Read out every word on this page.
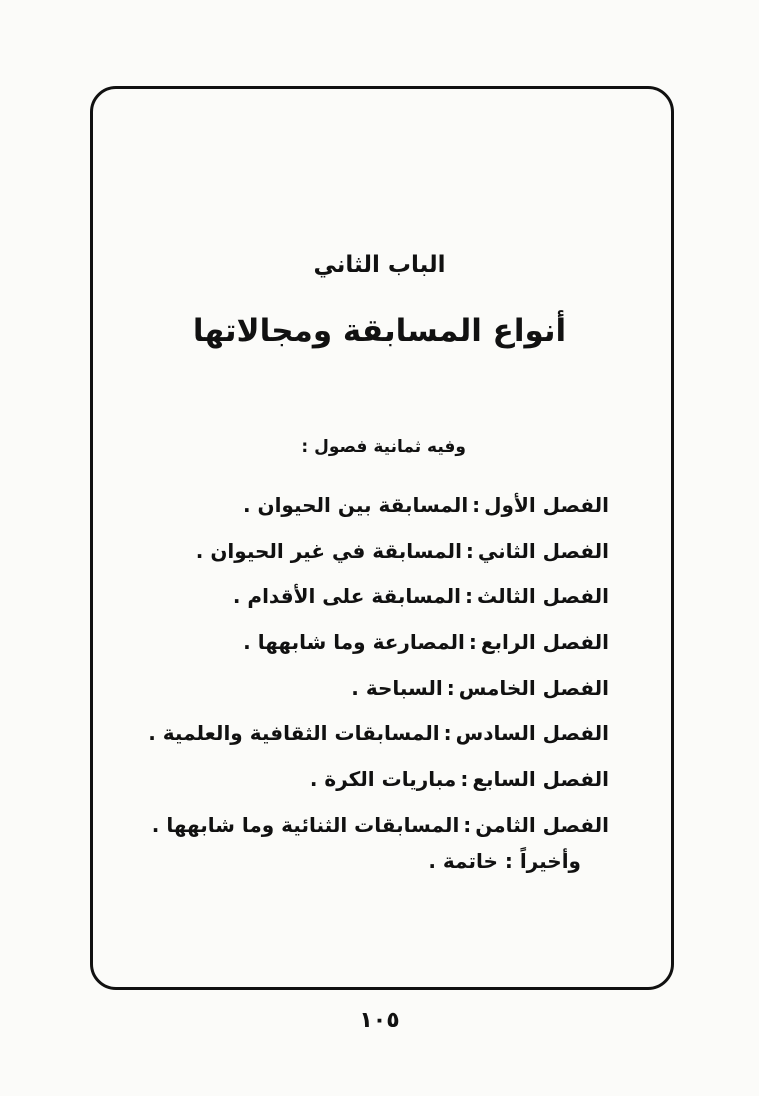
الباب الثاني
أنواع المسابقة ومجالاتها
وفيه ثمانية فصول :
الفصل الأول:المسابقة بين الحيوان .
الفصل الثاني:المسابقة في غير الحيوان .
الفصل الثالث:المسابقة على الأقدام .
الفصل الرابع:المصارعة وما شابهها .
الفصل الخامس:السباحة .
الفصل السادس:المسابقات الثقافية والعلمية .
الفصل السابع:مباريات الكرة .
الفصل الثامن:المسابقات الثنائية وما شابهها .
وأخيراً : خاتمة .
١٠٥
